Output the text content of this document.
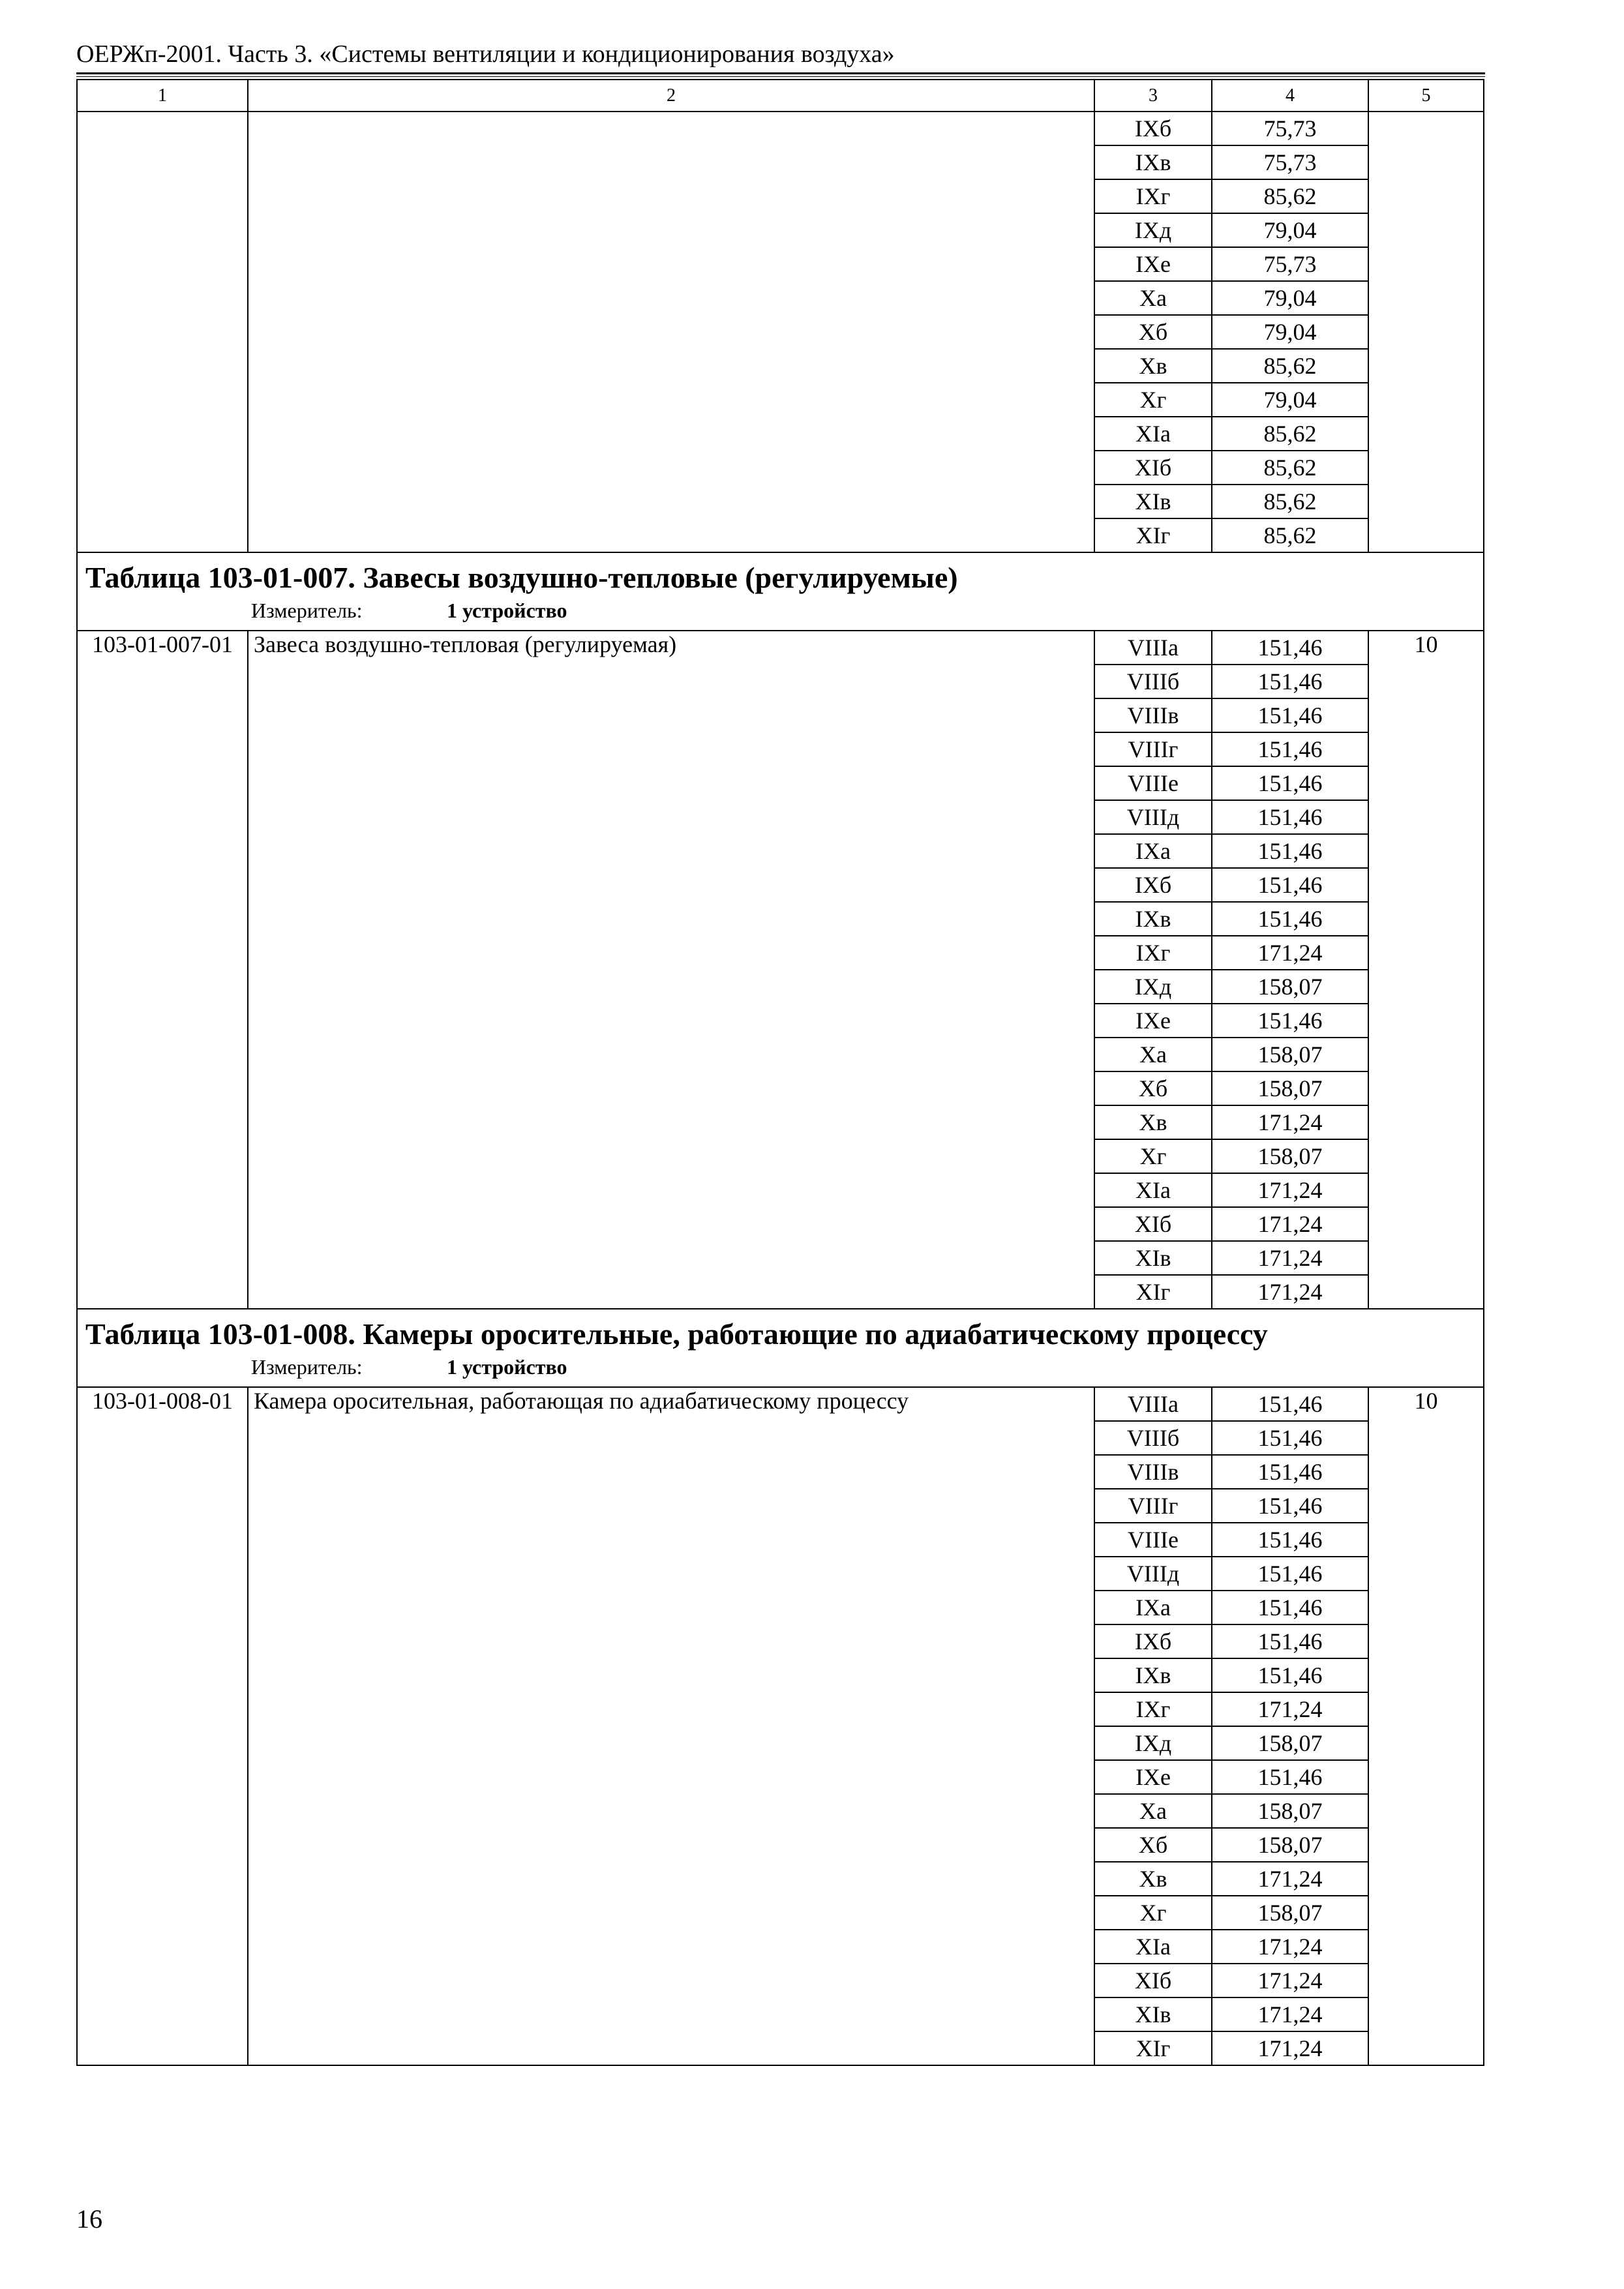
ОЕРЖп-2001. Часть 3. «Системы вентиляции и кондиционирования воздуха»
1	2	3	4	5
		IXб	75,73	
		IXв	75,73	
		IXг	85,62	
		IXд	79,04	
		IXе	75,73	
		Xa	79,04	
		Xб	79,04	
		Xв	85,62	
		Xг	79,04	
		XIa	85,62	
		XIб	85,62	
		XIв	85,62	
		XIг	85,62	

Таблица 103-01-007. Завесы воздушно-тепловые (регулируемые)
Измеритель: 1 устройство				

103-01-007-01	Завеса воздушно-тепловая (регулируемая)	VIIIa	151,46	10
		VIIIб	151,46	
		VIIIв	151,46	
		VIIIг	151,46	
		VIIIе	151,46	
		VIIIд	151,46	
		IXa	151,46	
		IXб	151,46	
		IXв	151,46	
		IXг	171,24	
		IXд	158,07	
		IXе	151,46	
		Xa	158,07	
		Xб	158,07	
		Xв	171,24	
		Xг	158,07	
		XIa	171,24	
		XIб	171,24	
		XIв	171,24	
		XIг	171,24	

Таблица 103-01-008. Камеры оросительные, работающие по адиабатическому процессу
Измеритель: 1 устройство				

103-01-008-01	Камера оросительная, работающая по адиабатическому процессу	VIIIa	151,46	10
		VIIIб	151,46	
		VIIIв	151,46	
		VIIIг	151,46	
		VIIIе	151,46	
		VIIIд	151,46	
		IXa	151,46	
		IXб	151,46	
		IXв	151,46	
		IXг	171,24	
		IXд	158,07	
		IXе	151,46	
		Xa	158,07	
		Xб	158,07	
		Xв	171,24	
		Xг	158,07	
		XIa	171,24	
		XIб	171,24	
		XIв	171,24	
		XIг	171,24	
16
